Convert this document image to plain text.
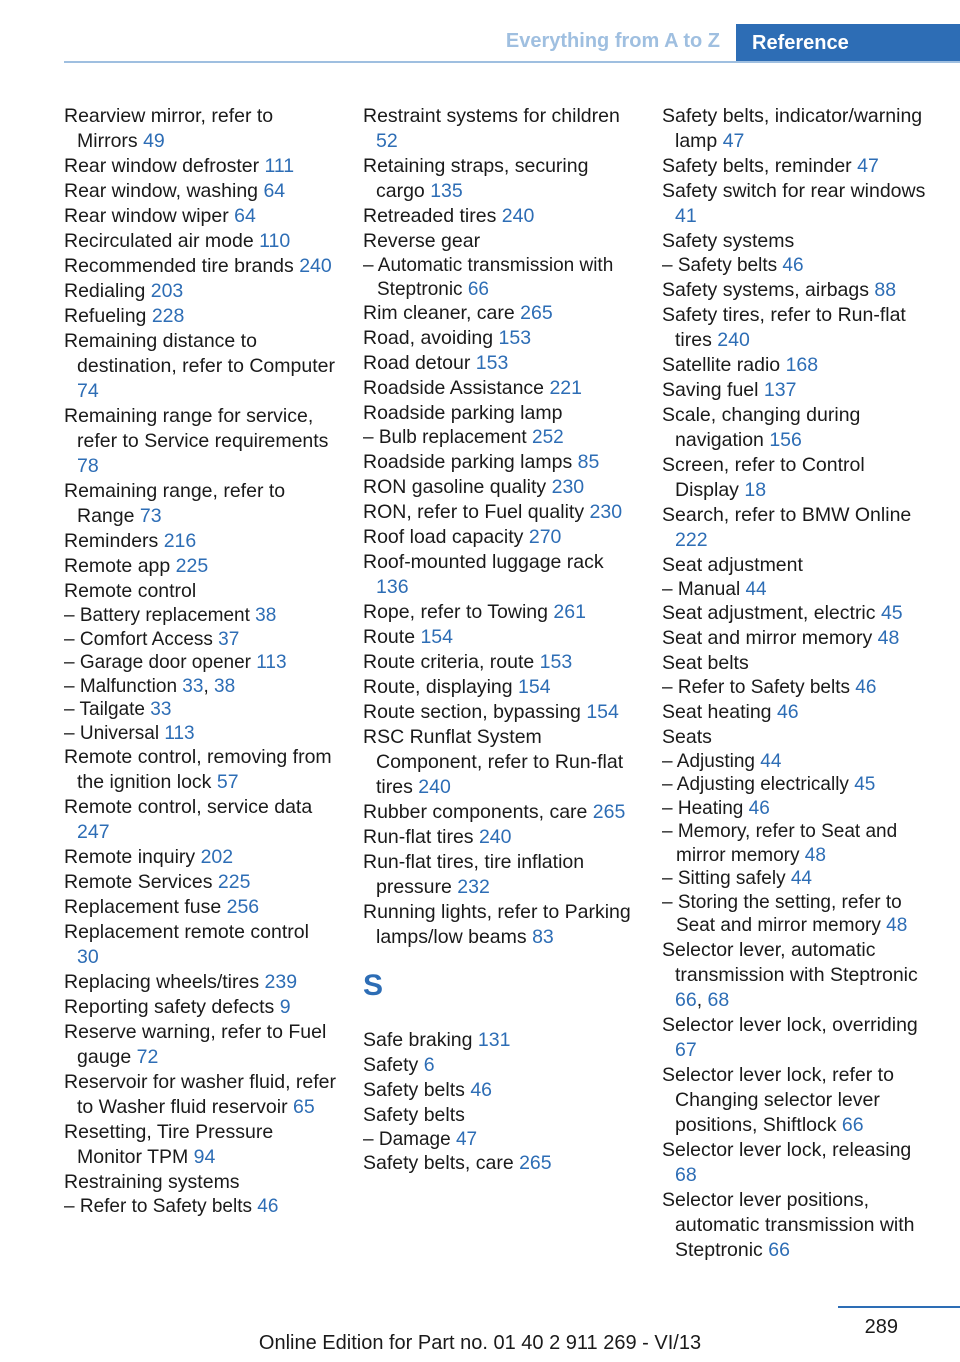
Everything from A to Z	Reference

Rearview mirror, refer to Mirrors 49

Rear window defroster 111

Rear window, washing 64

Rear window wiper 64

Recirculated air mode 110

Recommended tire brands 240

Redialing 203

Refueling 228

Remaining distance to destination, refer to Computer 74

Remaining range for service, refer to Service requirements 78

Remaining range, refer to Range 73

Reminders 216

Remote app 225

Remote control

– Battery replacement 38

– Comfort Access 37

– Garage door opener 113

– Malfunction 33, 38

– Tailgate 33

– Universal 113

Remote control, removing from the ignition lock 57

Remote control, service data 247

Remote inquiry 202

Remote Services 225

Replacement fuse 256

Replacement remote control 30

Replacing wheels/tires 239

Reporting safety defects 9

Reserve warning, refer to Fuel gauge 72

Reservoir for washer fluid, refer to Washer fluid reservoir 65

Resetting, Tire Pressure Monitor TPM 94

Restraining systems

– Refer to Safety belts 46

Restraint systems for children 52

Retaining straps, securing cargo 135

Retreaded tires 240

Reverse gear

– Automatic transmission with Steptronic 66

Rim cleaner, care 265

Road, avoiding 153

Road detour 153

Roadside Assistance 221

Roadside parking lamp

– Bulb replacement 252

Roadside parking lamps 85

RON gasoline quality 230

RON, refer to Fuel quality 230

Roof load capacity 270

Roof-mounted luggage rack 136

Rope, refer to Towing 261

Route 154

Route criteria, route 153

Route, displaying 154

Route section, bypassing 154

RSC Runflat System Component, refer to Run-flat tires 240

Rubber components, care 265

Run-flat tires 240

Run-flat tires, tire inflation pressure 232

Running lights, refer to Parking lamps/low beams 83

S

Safe braking 131

Safety 6

Safety belts 46

Safety belts

– Damage 47

Safety belts, care 265

Safety belts, indicator/warning lamp 47

Safety belts, reminder 47

Safety switch for rear windows 41

Safety systems

– Safety belts 46

Safety systems, airbags 88

Safety tires, refer to Run-flat tires 240

Satellite radio 168

Saving fuel 137

Scale, changing during navigation 156

Screen, refer to Control Display 18

Search, refer to BMW Online 222

Seat adjustment

– Manual 44

Seat adjustment, electric 45

Seat and mirror memory 48

Seat belts

– Refer to Safety belts 46

Seat heating 46

Seats

– Adjusting 44

– Adjusting electrically 45

– Heating 46

– Memory, refer to Seat and mirror memory 48

– Sitting safely 44

– Storing the setting, refer to Seat and mirror memory 48

Selector lever, automatic transmission with Steptronic 66, 68

Selector lever lock, overriding 67

Selector lever lock, refer to Changing selector lever positions, Shiftlock 66

Selector lever lock, releasing 68

Selector lever positions, automatic transmission with Steptronic 66

289
Online Edition for Part no. 01 40 2 911 269 - VI/13
